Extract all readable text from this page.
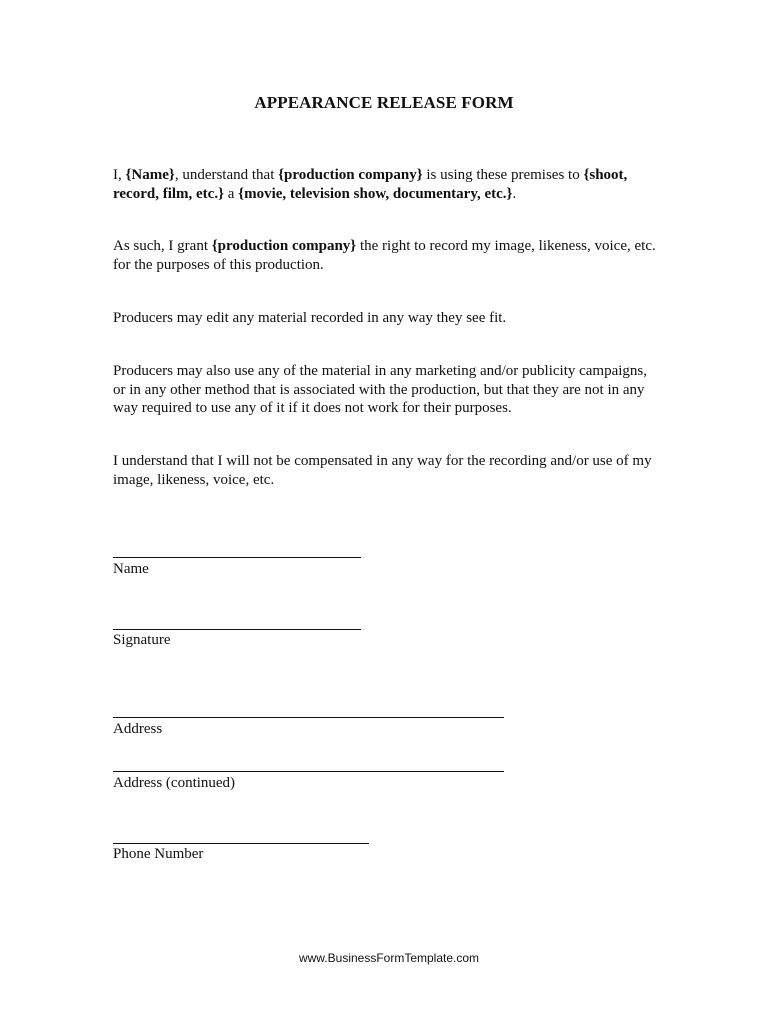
APPEARANCE RELEASE FORM
I, {Name}, understand that {production company} is using these premises to {shoot, record, film, etc.} a {movie, television show, documentary, etc.}.
As such, I grant {production company} the right to record my image, likeness, voice, etc. for the purposes of this production.
Producers may edit any material recorded in any way they see fit.
Producers may also use any of the material in any marketing and/or publicity campaigns, or in any other method that is associated with the production, but that they are not in any way required to use any of it if it does not work for their purposes.
I understand that I will not be compensated in any way for the recording and/or use of my image, likeness, voice, etc.
Name
Signature
Address
Address (continued)
Phone Number
www.BusinessFormTemplate.com
